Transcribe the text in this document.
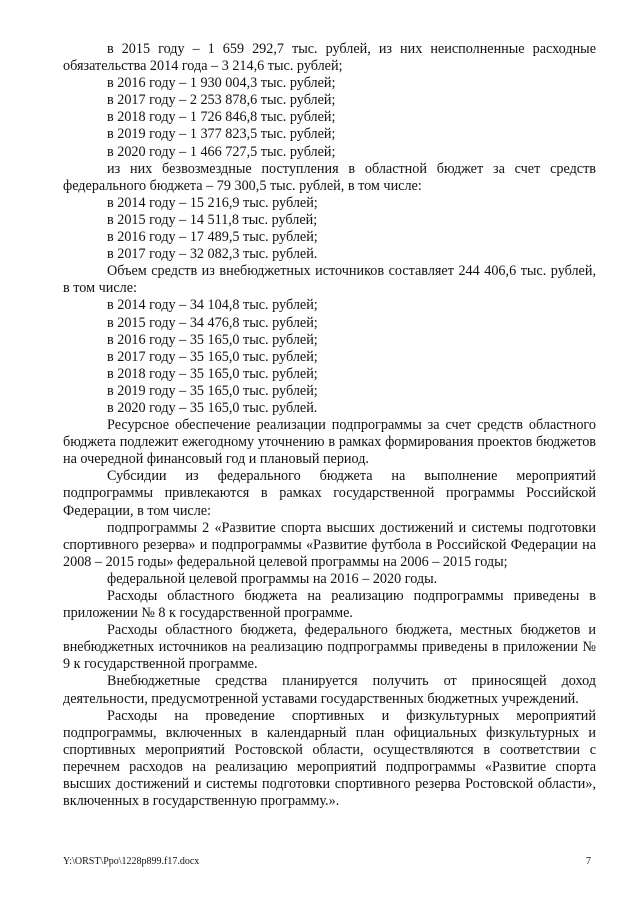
в 2015 году – 1 659 292,7 тыс. рублей, из них неисполненные расходные обязательства 2014 года – 3 214,6 тыс. рублей;

в 2016 году – 1 930 004,3 тыс. рублей;

в 2017 году – 2 253 878,6 тыс. рублей;

в 2018 году – 1 726 846,8 тыс. рублей;

в 2019 году – 1 377 823,5 тыс. рублей;

в 2020 году – 1 466 727,5 тыс. рублей;

из них безвозмездные поступления в областной бюджет за счет средств федерального бюджета – 79 300,5 тыс. рублей, в том числе:

в 2014 году – 15 216,9 тыс. рублей;

в 2015 году – 14 511,8 тыс. рублей;

в 2016 году – 17 489,5 тыс. рублей;

в 2017 году – 32 082,3 тыс. рублей.

Объем средств из внебюджетных источников составляет 244 406,6 тыс. рублей, в том числе:

в 2014 году – 34 104,8 тыс. рублей;

в 2015 году – 34 476,8 тыс. рублей;

в 2016 году – 35 165,0 тыс. рублей;

в 2017 году – 35 165,0 тыс. рублей;

в 2018 году – 35 165,0 тыс. рублей;

в 2019 году – 35 165,0 тыс. рублей;

в 2020 году – 35 165,0 тыс. рублей.

Ресурсное обеспечение реализации подпрограммы за счет средств областного бюджета подлежит ежегодному уточнению в рамках формирования проектов бюджетов на очередной финансовый год и плановый период.

Субсидии из федерального бюджета на выполнение мероприятий подпрограммы привлекаются в рамках государственной программы Российской Федерации, в том числе:

подпрограммы 2 «Развитие спорта высших достижений и системы подготовки спортивного резерва» и подпрограммы «Развитие футбола в Российской Федерации на 2008 – 2015 годы» федеральной целевой программы на 2006 – 2015 годы;

федеральной целевой программы на 2016 – 2020 годы.

Расходы областного бюджета на реализацию подпрограммы приведены в приложении № 8 к государственной программе.

Расходы областного бюджета, федерального бюджета, местных бюджетов и внебюджетных источников на реализацию подпрограммы приведены в приложении № 9 к государственной программе.

Внебюджетные средства планируется получить от приносящей доход деятельности, предусмотренной уставами государственных бюджетных учреждений.

Расходы на проведение спортивных и физкультурных мероприятий подпрограммы, включенных в календарный план официальных физкультурных и спортивных мероприятий Ростовской области, осуществляются в соответствии с перечнем расходов на реализацию мероприятий подпрограммы «Развитие спорта высших достижений и системы подготовки спортивного резерва Ростовской области», включенных в государственную программу.».

Y:\ORST\Ppo\1228p899.f17.docx	7
